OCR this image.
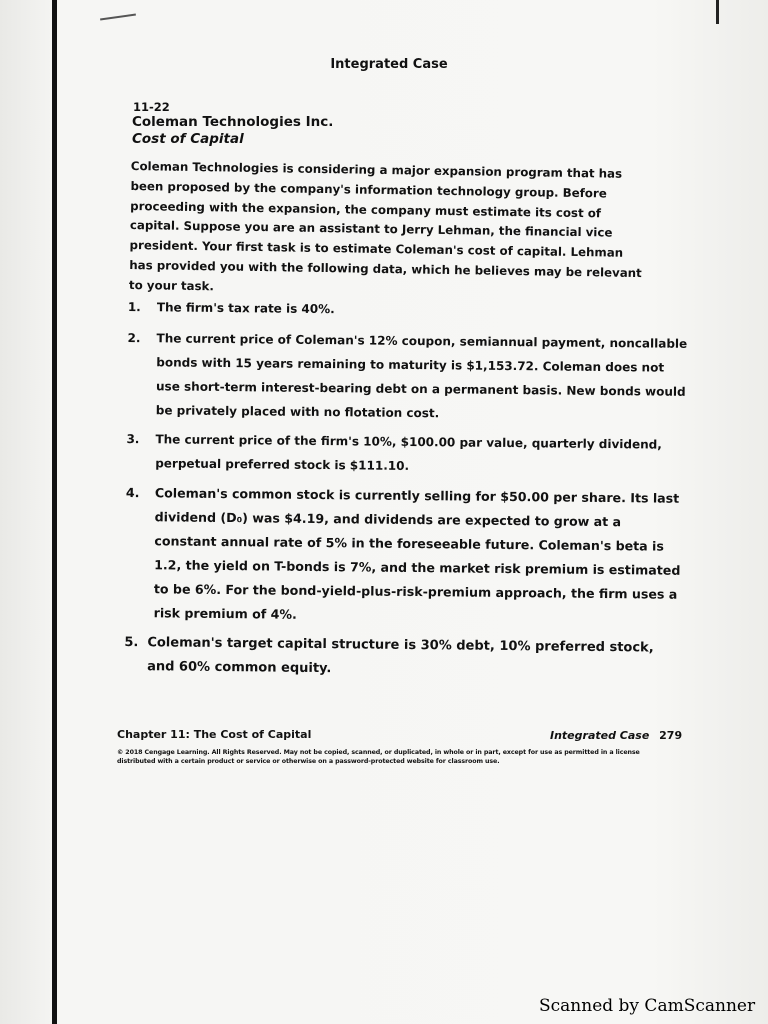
Integrated Case
11-22
Coleman Technologies Inc.
Cost of Capital
Coleman Technologies is considering a major expansion program that has been proposed by the company's information technology group. Before proceeding with the expansion, the company must estimate its cost of capital. Suppose you are an assistant to Jerry Lehman, the financial vice president. Your first task is to estimate Coleman's cost of capital. Lehman has provided you with the following data, which he believes may be relevant to your task.
1. The firm's tax rate is 40%.
2. The current price of Coleman's 12% coupon, semiannual payment, noncallable bonds with 15 years remaining to maturity is $1,153.72. Coleman does not use short-term interest-bearing debt on a permanent basis. New bonds would be privately placed with no flotation cost.
3. The current price of the firm's 10%, $100.00 par value, quarterly dividend, perpetual preferred stock is $111.10.
4. Coleman's common stock is currently selling for $50.00 per share. Its last dividend (D₀) was $4.19, and dividends are expected to grow at a constant annual rate of 5% in the foreseeable future. Coleman's beta is 1.2, the yield on T-bonds is 7%, and the market risk premium is estimated to be 6%. For the bond-yield-plus-risk-premium approach, the firm uses a risk premium of 4%.
5. Coleman's target capital structure is 30% debt, 10% preferred stock, and 60% common equity.
Chapter 11: The Cost of Capital	Integrated Case 279
© 2018 Cengage Learning. All Rights Reserved. May not be copied, scanned, or duplicated, in whole or in part, except for use as permitted in a license distributed with a certain product or service or otherwise on a password-protected website for classroom use.
Scanned by CamScanner
